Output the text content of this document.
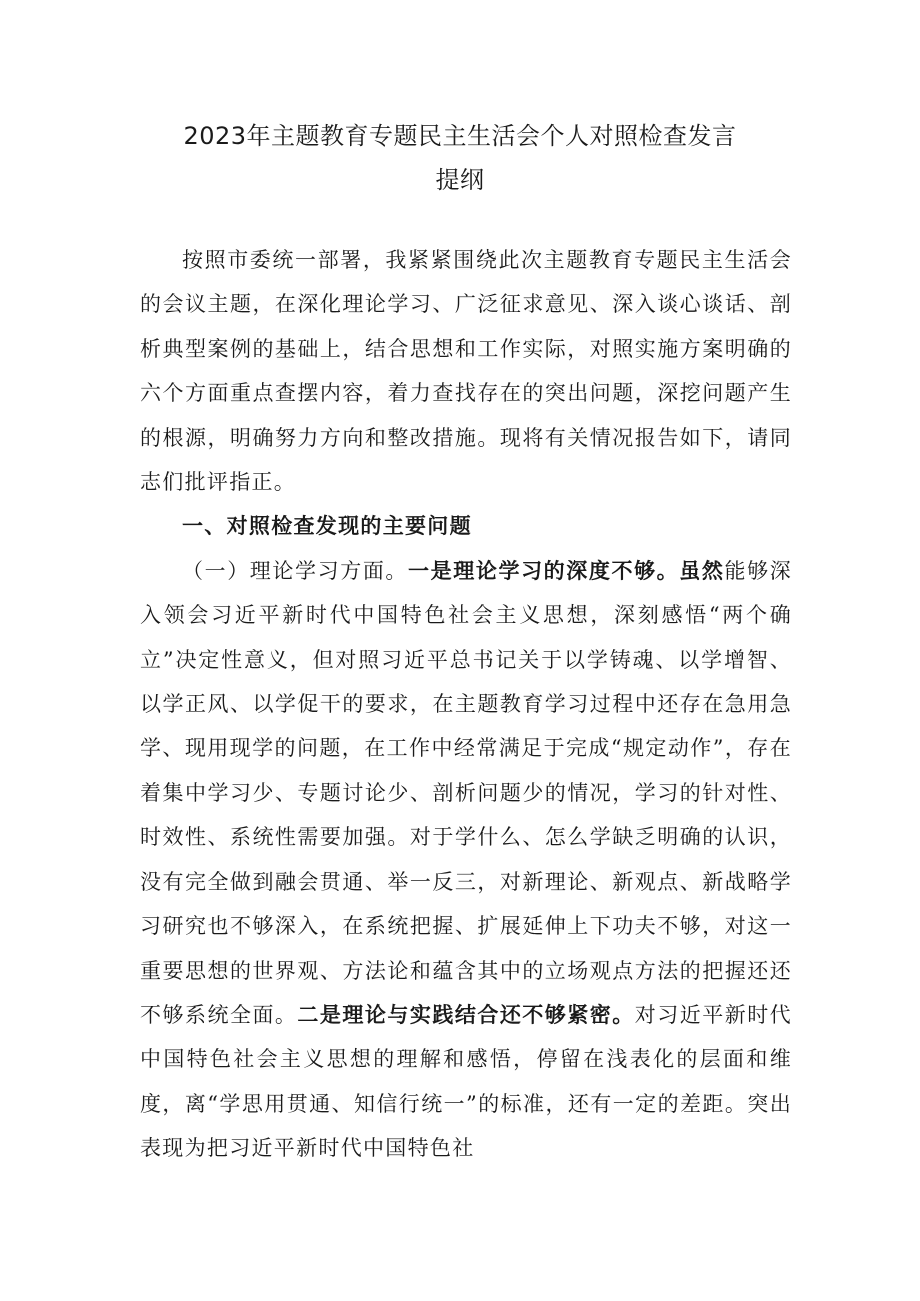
2023年主题教育专题民主生活会个人对照检查发言
提纲

按照市委统一部署，我紧紧围绕此次主题教育专题民主生活会的会议主题，在深化理论学习、广泛征求意见、深入谈心谈话、剖析典型案例的基础上，结合思想和工作实际，对照实施方案明确的六个方面重点查摆内容，着力查找存在的突出问题，深挖问题产生的根源，明确努力方向和整改措施。现将有关情况报告如下，请同志们批评指正。

一、对照检查发现的主要问题

（一）理论学习方面。一是理论学习的深度不够。虽然能够深入领会习近平新时代中国特色社会主义思想，深刻感悟“两个确立”决定性意义，但对照习近平总书记关于以学铸魂、以学增智、以学正风、以学促干的要求，在主题教育学习过程中还存在急用急学、现用现学的问题，在工作中经常满足于完成“规定动作”，存在着集中学习少、专题讨论少、剖析问题少的情况，学习的针对性、时效性、系统性需要加强。对于学什么、怎么学缺乏明确的认识，没有完全做到融会贯通、举一反三，对新理论、新观点、新战略学习研究也不够深入，在系统把握、扩展延伸上下功夫不够，对这一重要思想的世界观、方法论和蕴含其中的立场观点方法的把握还还不够系统全面。二是理论与实践结合还不够紧密。对习近平新时代中国特色社会主义思想的理解和感悟，停留在浅表化的层面和维度，离“学思用贯通、知信行统一”的标准，还有一定的差距。突出表现为把习近平新时代中国特色社
